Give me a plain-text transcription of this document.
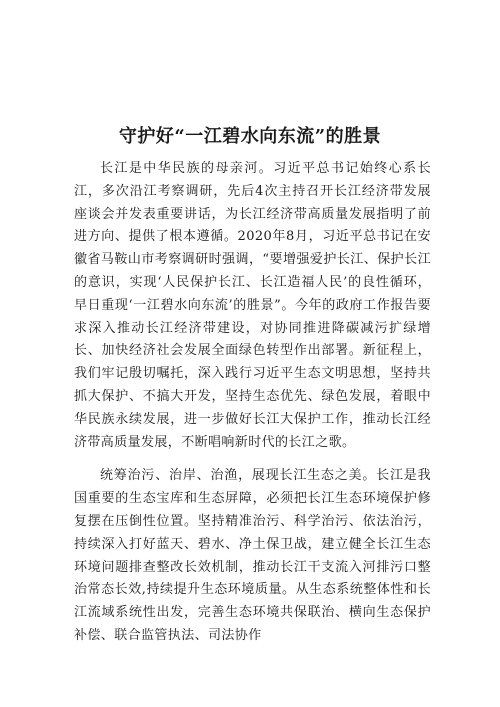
守护好“一江碧水向东流”的胜景

长江是中华民族的母亲河。习近平总书记始终心系长江，多次沿江考察调研，先后4次主持召开长江经济带发展座谈会并发表重要讲话，为长江经济带高质量发展指明了前进方向、提供了根本遵循。2020年8月，习近平总书记在安徽省马鞍山市考察调研时强调，“要增强爱护长江、保护长江的意识，实现‘人民保护长江、长江造福人民’的良性循环，早日重现‘一江碧水向东流’的胜景”。今年的政府工作报告要求深入推动长江经济带建设，对协同推进降碳减污扩绿增长、加快经济社会发展全面绿色转型作出部署。新征程上，我们牢记殷切嘱托，深入践行习近平生态文明思想，坚持共抓大保护、不搞大开发，坚持生态优先、绿色发展，着眼中华民族永续发展，进一步做好长江大保护工作，推动长江经济带高质量发展，不断唱响新时代的长江之歌。

统筹治污、治岸、治渔，展现长江生态之美。长江是我国重要的生态宝库和生态屏障，必须把长江生态环境保护修复摆在压倒性位置。坚持精准治污、科学治污、依法治污，持续深入打好蓝天、碧水、净土保卫战，建立健全长江生态环境问题排查整改长效机制，推动长江干支流入河排污口整治常态长效,持续提升生态环境质量。从生态系统整体性和长江流域系统性出发，完善生态环境共保联治、横向生态保护补偿、联合监管执法、司法协作
